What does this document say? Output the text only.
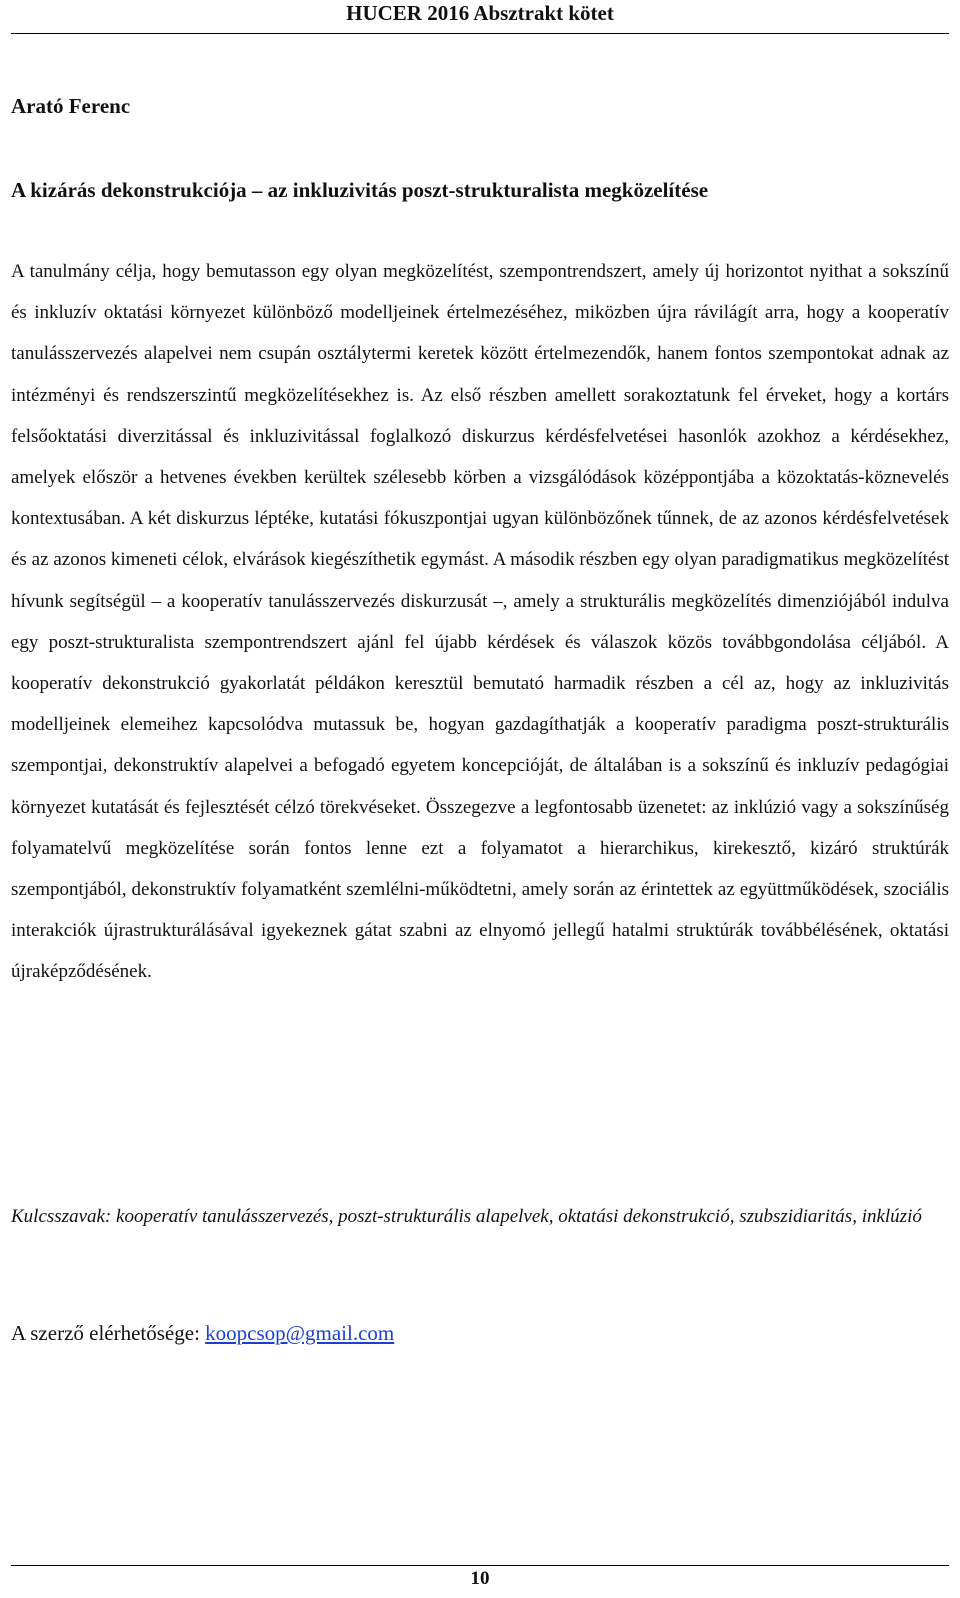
HUCER 2016 Absztrakt kötet
Arató Ferenc
A kizárás dekonstrukciója – az inkluzivitás poszt-strukturalista megközelítése

A tanulmány célja, hogy bemutasson egy olyan megközelítést, szempontrendszert, amely új horizontot nyithat a sokszínű és inkluzív oktatási környezet különböző modelljeinek értelmezéséhez, miközben újra rávilágít arra, hogy a kooperatív tanulásszervezés alapelvei nem csupán osztálytermi keretek között értelmezendők, hanem fontos szempontokat adnak az intézményi és rendszerszintű megközelítésekhez is. Az első részben amellett sorakoztatunk fel érveket, hogy a kortárs felsőoktatási diverzitással és inkluzivitással foglalkozó diskurzus kérdésfelvetései hasonlók azokhoz a kérdésekhez, amelyek először a hetvenes években kerültek szélesebb körben a vizsgálódások középpontjába a közoktatás-köznevelés kontextusában. A két diskurzus léptéke, kutatási fókuszpontjai ugyan különbözőnek tűnnek, de az azonos kérdésfelvetések és az azonos kimeneti célok, elvárások kiegészíthetik egymást. A második részben egy olyan paradigmatikus megközelítést hívunk segítségül – a kooperatív tanulásszervezés diskurzusát –, amely a strukturális megközelítés dimenziójából indulva egy poszt-strukturalista szempontrendszert ajánl fel újabb kérdések és válaszok közös továbbgondolása céljából. A kooperatív dekonstrukció gyakorlatát példákon keresztül bemutató harmadik részben a cél az, hogy az inkluzivitás modelljeinek elemeihez kapcsolódva mutassuk be, hogyan gazdagíthatják a kooperatív paradigma poszt-strukturális szempontjai, dekonstruktív alapelvei a befogadó egyetem koncepcióját, de általában is a sokszínű és inkluzív pedagógiai környezet kutatását és fejlesztését célzó törekvéseket. Összegezve a legfontosabb üzenetet: az inklúzió vagy a sokszínűség folyamatelvű megközelítése során fontos lenne ezt a folyamatot a hierarchikus, kirekesztő, kizáró struktúrák szempontjából, dekonstruktív folyamatként szemlélni-működtetni, amely során az érintettek az együttműködések, szociális interakciók újrastrukturálásával igyekeznek gátat szabni az elnyomó jellegű hatalmi struktúrák továbbélésének, oktatási újraképződésének.

Kulcsszavak: kooperatív tanulásszervezés, poszt-strukturális alapelvek, oktatási dekonstrukció, szubszidiaritás, inklúzió

A szerző elérhetősége: koopcsop@gmail.com

10
